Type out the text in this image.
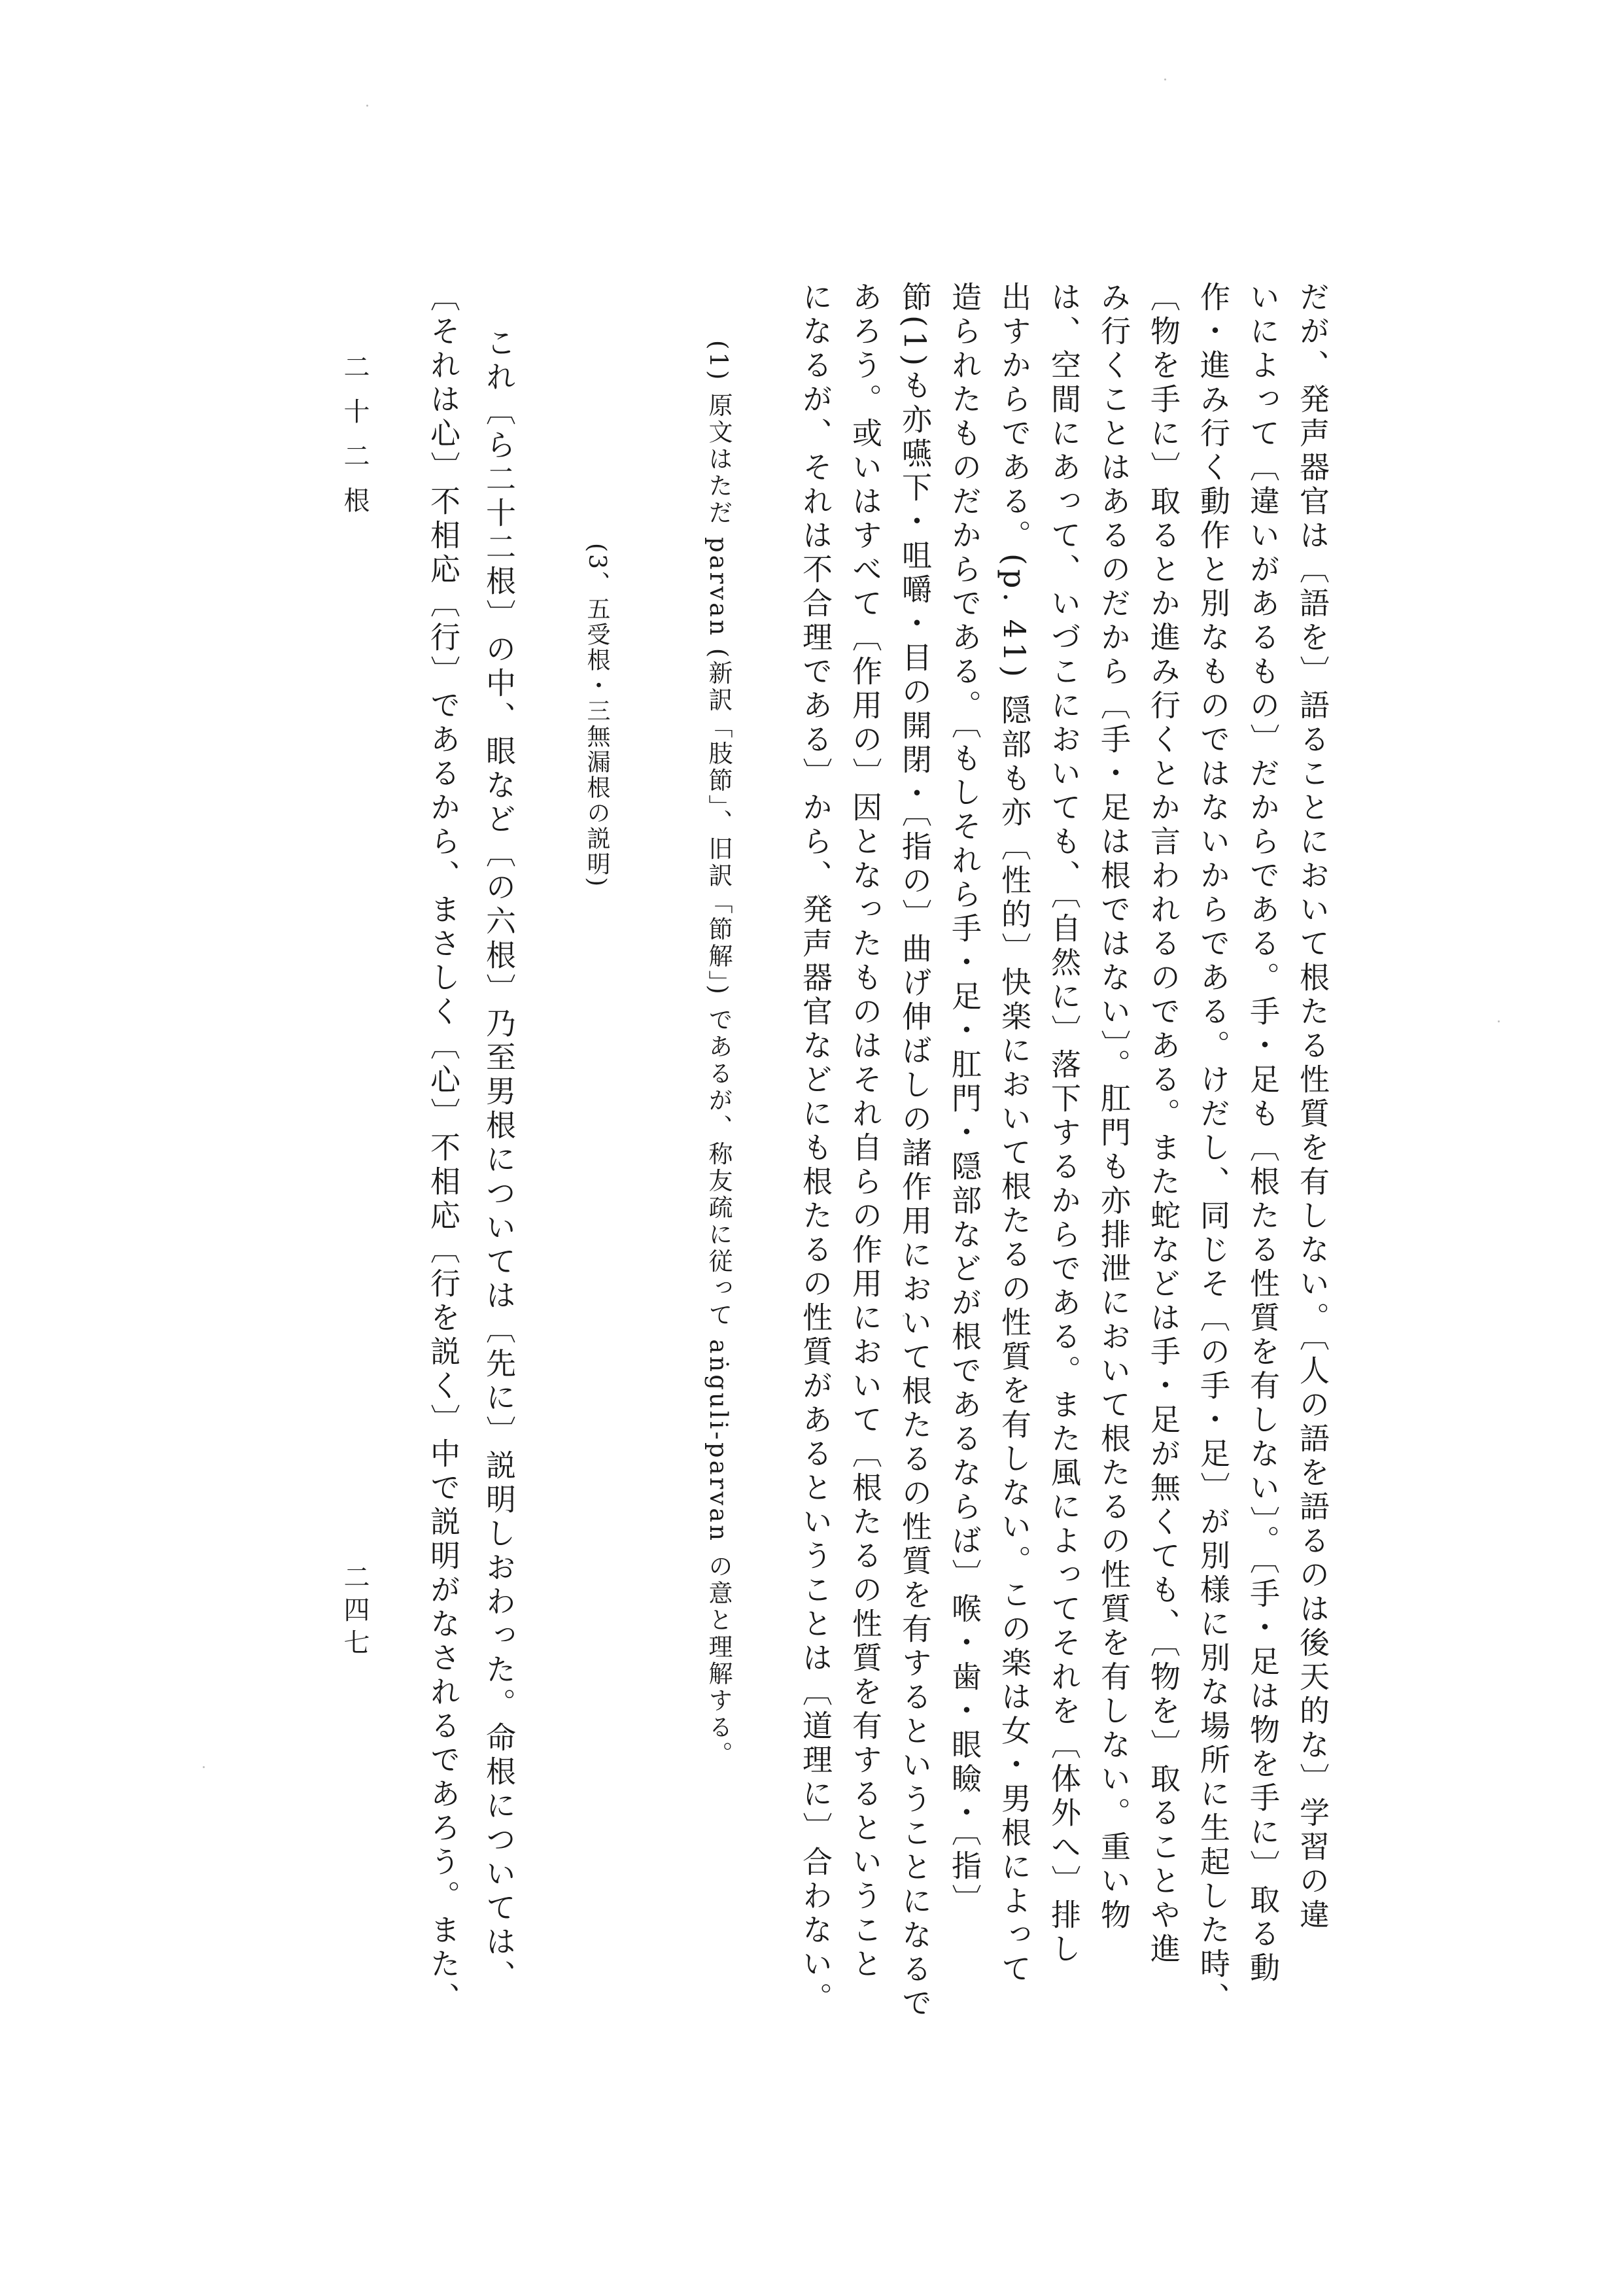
だが、発声器官は〔語を〕語ることにおいて根たる性質を有しない。〔人の語を語るのは後天的な〕学習の違
いによって〔違いがあるもの〕だからである。手・足も〔根たる性質を有しない〕。〔手・足は物を手に〕取る動
作・進み行く動作と別なものではないからである。けだし、同じそ〔の手・足〕が別様に別な場所に生起した時、
〔物を手に〕取るとか進み行くとか言われるのである。また蛇などは手・足が無くても、〔物を〕取ることや進
み行くことはあるのだから〔手・足は根ではない〕。肛門も亦排泄において根たるの性質を有しない。重い物
は、空間にあって、いづこにおいても、〔自然に〕落下するからである。また風によってそれを〔体外へ〕排し
出すからである。(p. 41) 隠部も亦〔性的〕快楽において根たるの性質を有しない。この楽は女・男根によって
造られたものだからである。〔もしそれら手・足・肛門・隠部などが根であるならば〕喉・歯・眼瞼・〔指〕
節(1)も亦嚥下・咀嚼・目の開閉・〔指の〕曲げ伸ばしの諸作用において根たるの性質を有するということになるで
あろう。或いはすべて〔作用の〕因となったものはそれ自らの作用において〔根たるの性質を有するということ
になるが、それは不合理である〕から、発声器官などにも根たるの性質があるということは〔道理に〕合わない。
(1) 原文はただ parvan (新訳「肢節」、旧訳「節解」) であるが、称友疏に従って aṅguli-parvan の意と理解する。
(3、五受根・三無漏根の説明)
これ〔ら二十二根〕の中、眼など〔の六根〕乃至男根については〔先に〕説明しおわった。命根については、
〔それは心〕不相応〔行〕であるから、まさしく〔心〕不相応〔行を説く〕中で説明がなされるであろう。また、
二十二根
二四七
